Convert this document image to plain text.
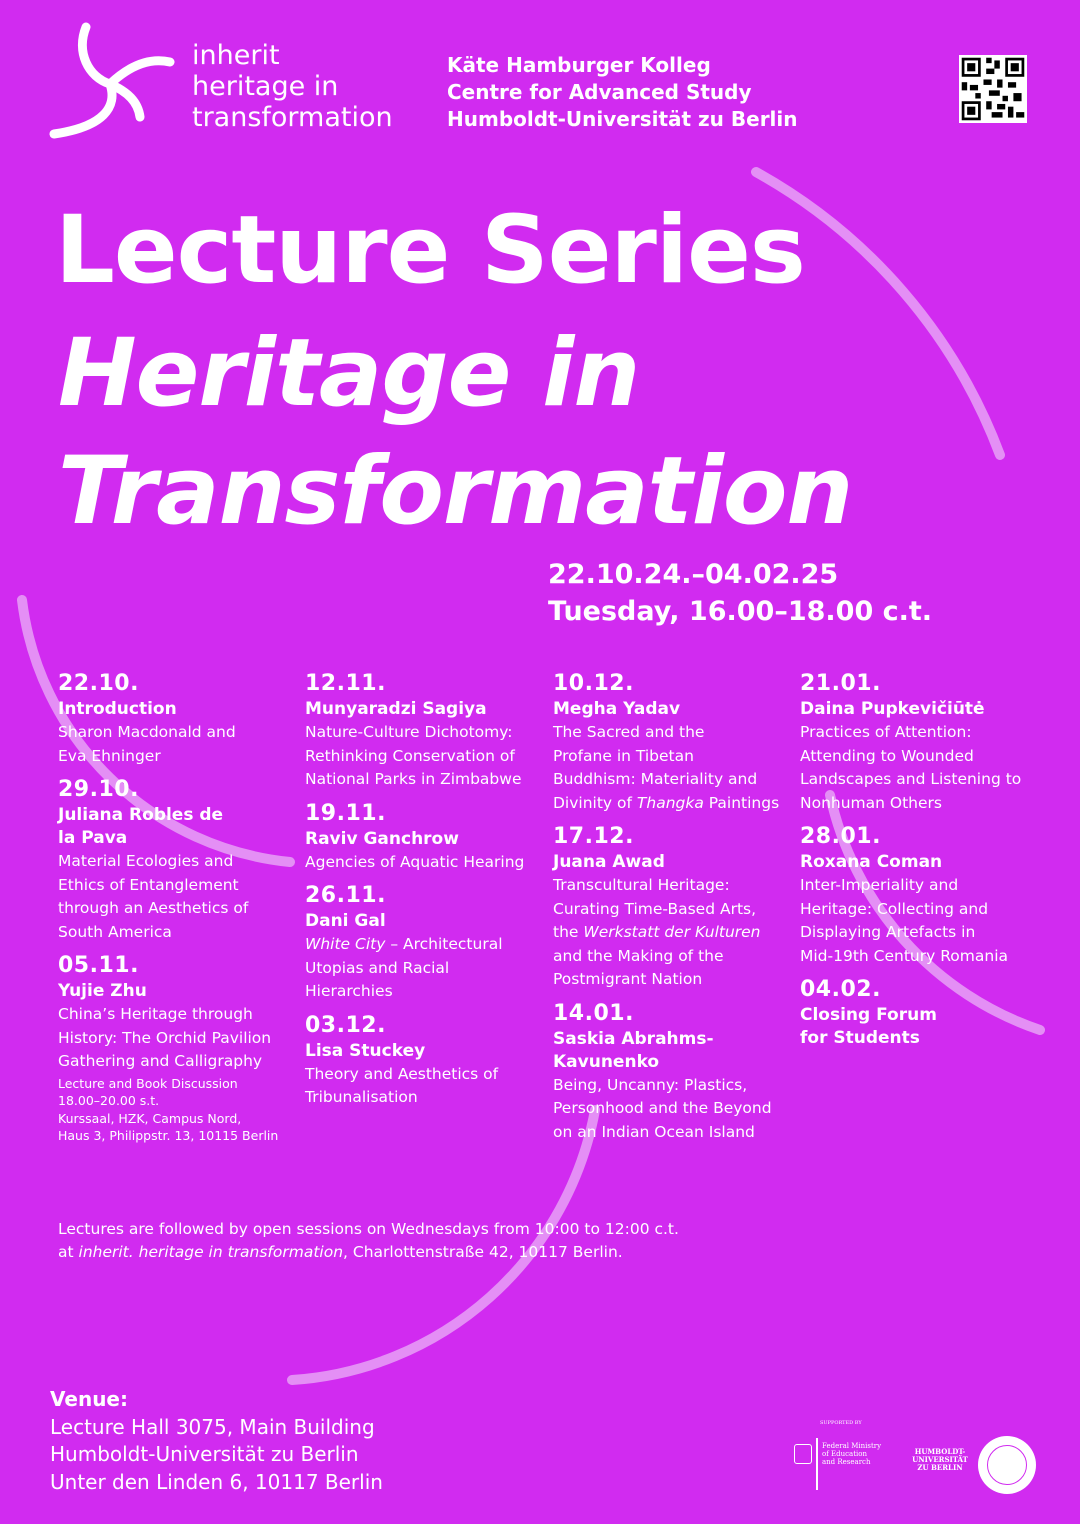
inherit
heritage in
transformation
Käte Hamburger Kolleg
Centre for Advanced Study
Humboldt-Universität zu Berlin
Lecture Series
Heritage in
Transformation
22.10.24.–04.02.25
Tuesday, 16.00–18.00 c.t.
22.10.
Introduction
Sharon Macdonald and
Eva Ehninger
29.10.
Juliana Robles de
la Pava
Material Ecologies and
Ethics of Entanglement
through an Aesthetics of
South America
05.11.
Yujie Zhu
China’s Heritage through
History: The Orchid Pavilion
Gathering and Calligraphy
Lecture and Book Discussion
18.00–20.00 s.t.
Kurssaal, HZK, Campus Nord,
Haus 3, Philippstr. 13, 10115 Berlin
12.11.
Munyaradzi Sagiya
Nature-Culture Dichotomy:
Rethinking Conservation of
National Parks in Zimbabwe
19.11.
Raviv Ganchrow
Agencies of Aquatic Hearing
26.11.
Dani Gal
White City – Architectural
Utopias and Racial
Hierarchies
03.12.
Lisa Stuckey
Theory and Aesthetics of
Tribunalisation
10.12.
Megha Yadav
The Sacred and the
Profane in Tibetan
Buddhism: Materiality and
Divinity of Thangka Paintings
17.12.
Juana Awad
Transcultural Heritage:
Curating Time-Based Arts,
the Werkstatt der Kulturen
and the Making of the
Postmigrant Nation
14.01.
Saskia Abrahms-
Kavunenko
Being, Uncanny: Plastics,
Personhood and the Beyond
on an Indian Ocean Island
21.01.
Daina Pupkevičiūtė
Practices of Attention:
Attending to Wounded
Landscapes and Listening to
Nonhuman Others
28.01.
Roxana Coman
Inter-Imperiality and
Heritage: Collecting and
Displaying Artefacts in
Mid-19th Century Romania
04.02.
Closing Forum
for Students
Lectures are followed by open sessions on Wednesdays from 10:00 to 12:00 c.t.
at inherit. heritage in transformation, Charlottenstraße 42, 10117 Berlin.
Venue:
Lecture Hall 3075, Main Building
Humboldt-Universität zu Berlin
Unter den Linden 6, 10117 Berlin
SUPPORTED BY
Federal Ministry
of Education
and Research
HUMBOLDT-
UNIVERSITÄT
ZU BERLIN
